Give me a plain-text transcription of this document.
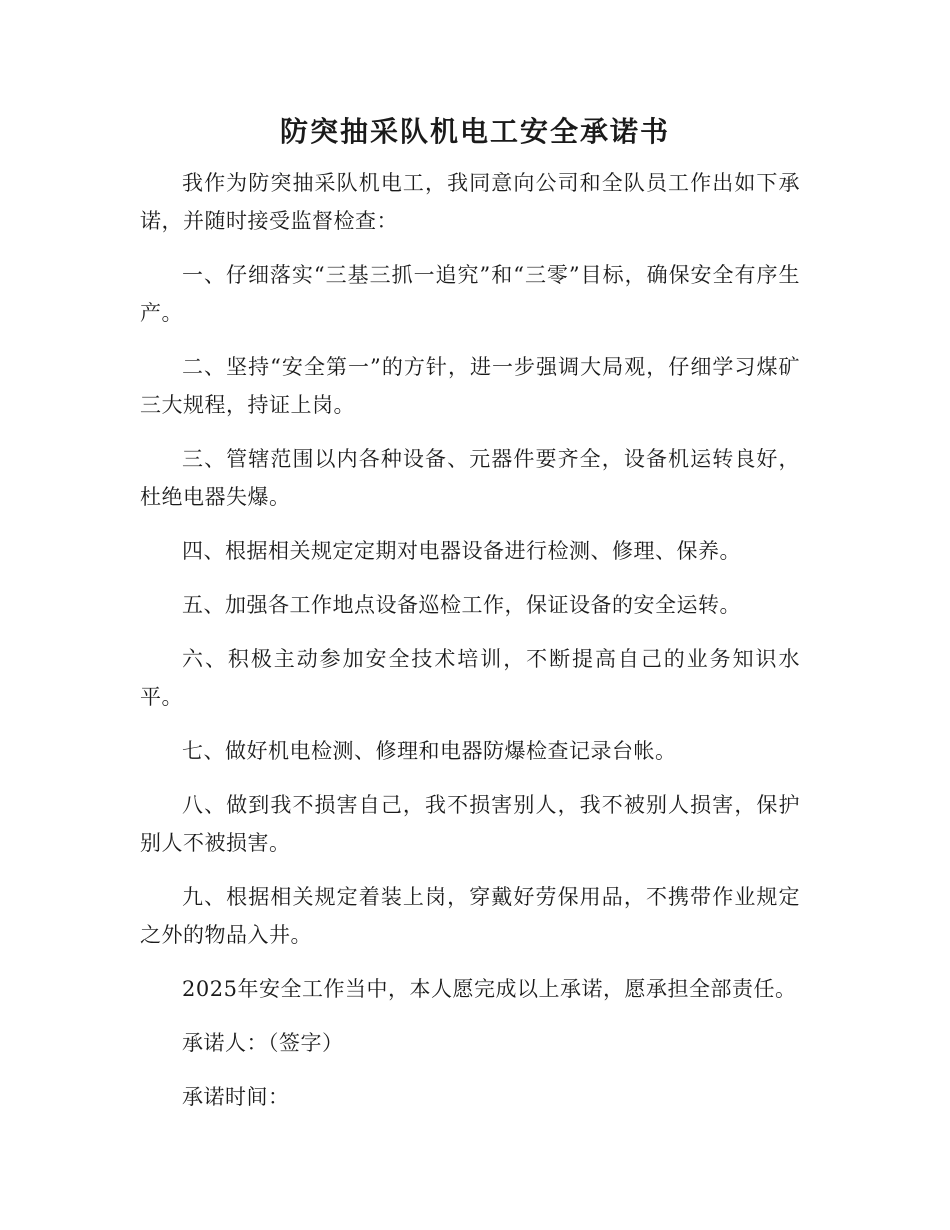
防突抽采队机电工安全承诺书

我作为防突抽采队机电工，我同意向公司和全队员工作出如下承诺，并随时接受监督检查：

一、仔细落实“三基三抓一追究”和“三零”目标，确保安全有序生产。

二、坚持“安全第一”的方针，进一步强调大局观，仔细学习煤矿三大规程，持证上岗。

三、管辖范围以内各种设备、元器件要齐全，设备机运转良好，杜绝电器失爆。

四、根据相关规定定期对电器设备进行检测、修理、保养。

五、加强各工作地点设备巡检工作，保证设备的安全运转。

六、积极主动参加安全技术培训，不断提高自己的业务知识水平。

七、做好机电检测、修理和电器防爆检查记录台帐。

八、做到我不损害自己，我不损害别人，我不被别人损害，保护别人不被损害。

九、根据相关规定着装上岗，穿戴好劳保用品，不携带作业规定之外的物品入井。

2025年安全工作当中，本人愿完成以上承诺，愿承担全部责任。

承诺人：（签字）

承诺时间：
